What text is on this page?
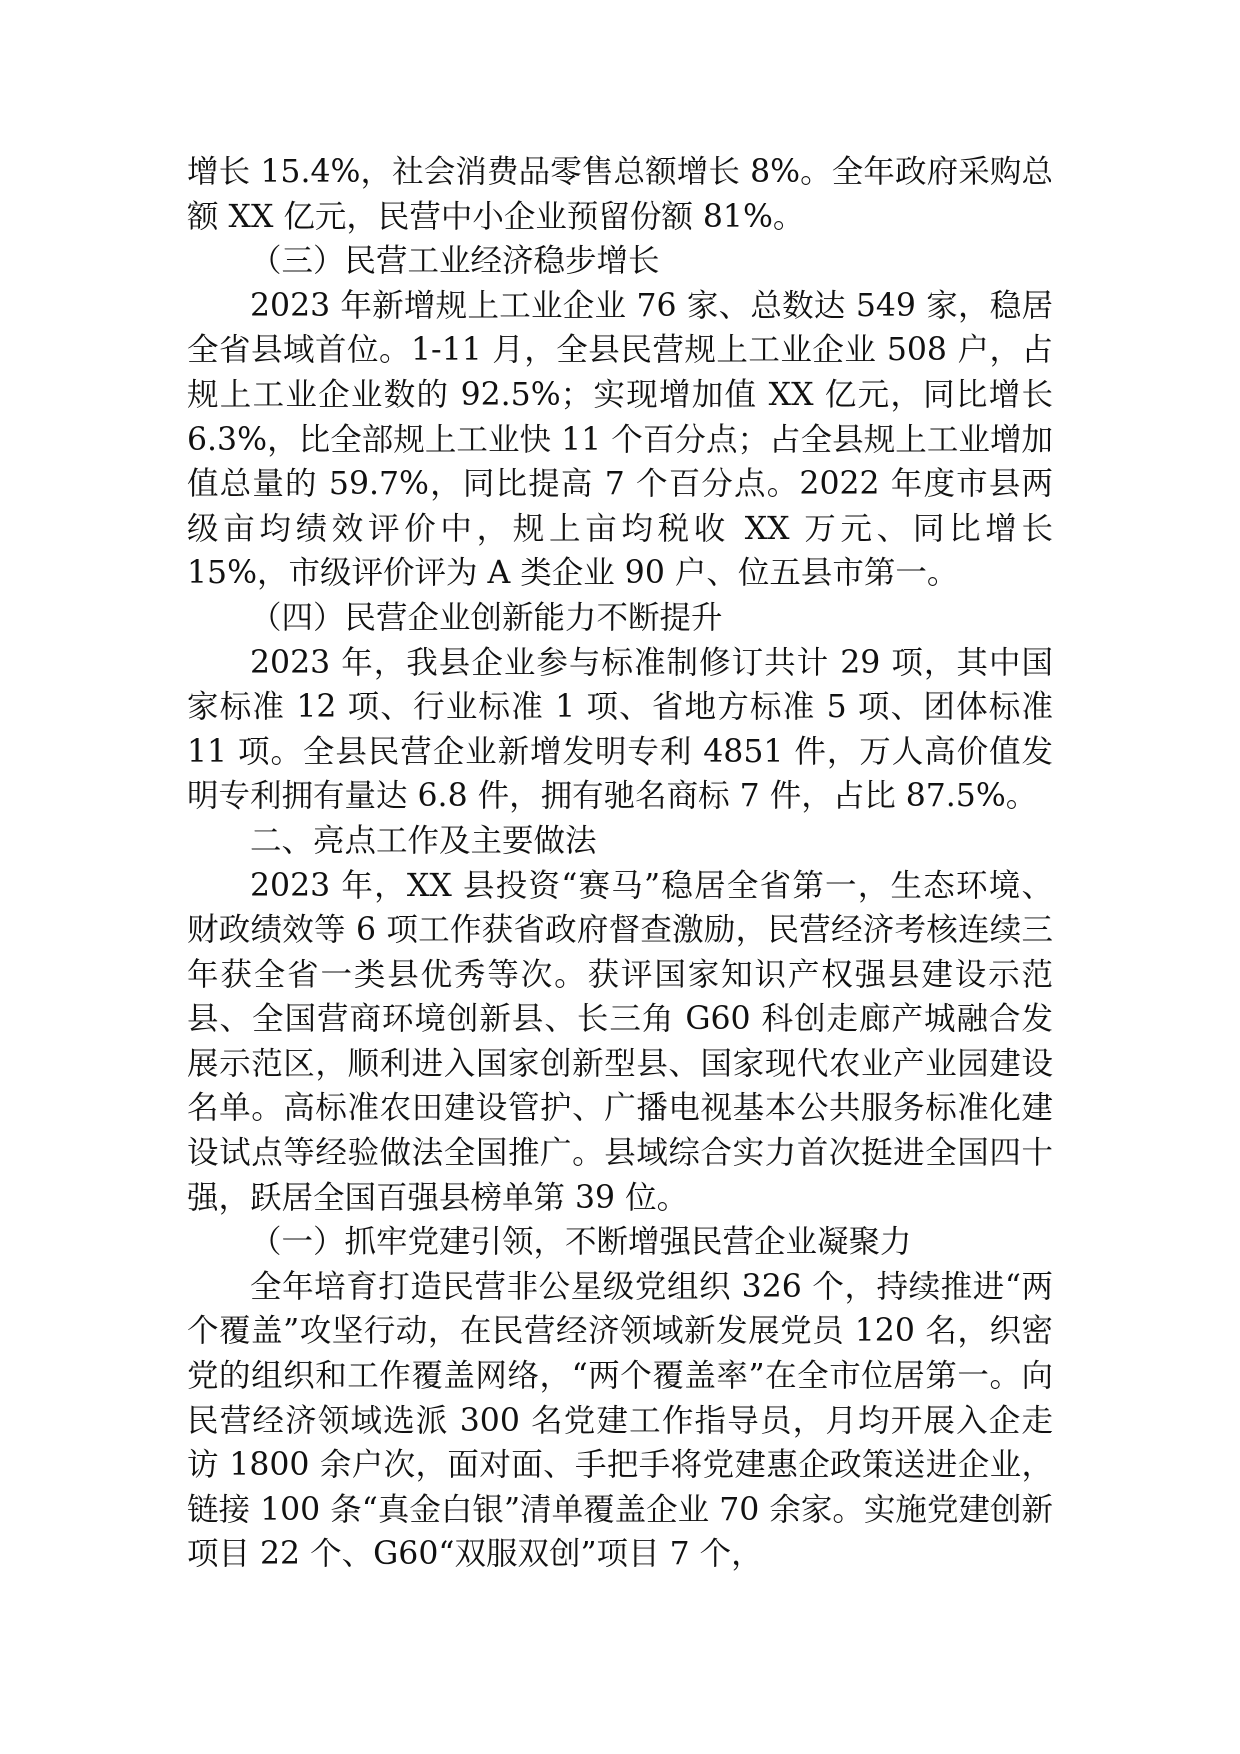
增长 15.4%，社会消费品零售总额增长 8%。全年政府采购总额 XX 亿元，民营中小企业预留份额 81%。

（三）民营工业经济稳步增长

2023 年新增规上工业企业 76 家、总数达 549 家，稳居全省县域首位。1-11 月，全县民营规上工业企业 508 户，占规上工业企业数的 92.5%；实现增加值 XX 亿元，同比增长 6.3%，比全部规上工业快 11 个百分点；占全县规上工业增加值总量的 59.7%，同比提高 7 个百分点。2022 年度市县两级亩均绩效评价中，规上亩均税收 XX 万元、同比增长 15%，市级评价评为 A 类企业 90 户、位五县市第一。

（四）民营企业创新能力不断提升

2023 年，我县企业参与标准制修订共计 29 项，其中国家标准 12 项、行业标准 1 项、省地方标准 5 项、团体标准 11 项。全县民营企业新增发明专利 4851 件，万人高价值发明专利拥有量达 6.8 件，拥有驰名商标 7 件，占比 87.5%。

二、亮点工作及主要做法

2023 年，XX 县投资“赛马”稳居全省第一，生态环境、财政绩效等 6 项工作获省政府督查激励，民营经济考核连续三年获全省一类县优秀等次。获评国家知识产权强县建设示范县、全国营商环境创新县、长三角 G60 科创走廊产城融合发展示范区，顺利进入国家创新型县、国家现代农业产业园建设名单。高标准农田建设管护、广播电视基本公共服务标准化建设试点等经验做法全国推广。县域综合实力首次挺进全国四十强，跃居全国百强县榜单第 39 位。

（一）抓牢党建引领，不断增强民营企业凝聚力

全年培育打造民营非公星级党组织 326 个，持续推进“两个覆盖”攻坚行动，在民营经济领域新发展党员 120 名，织密党的组织和工作覆盖网络，“两个覆盖率”在全市位居第一。向民营经济领域选派 300 名党建工作指导员，月均开展入企走访 1800 余户次，面对面、手把手将党建惠企政策送进企业，链接 100 条“真金白银”清单覆盖企业 70 余家。实施党建创新项目 22 个、G60“双服双创”项目 7 个，
